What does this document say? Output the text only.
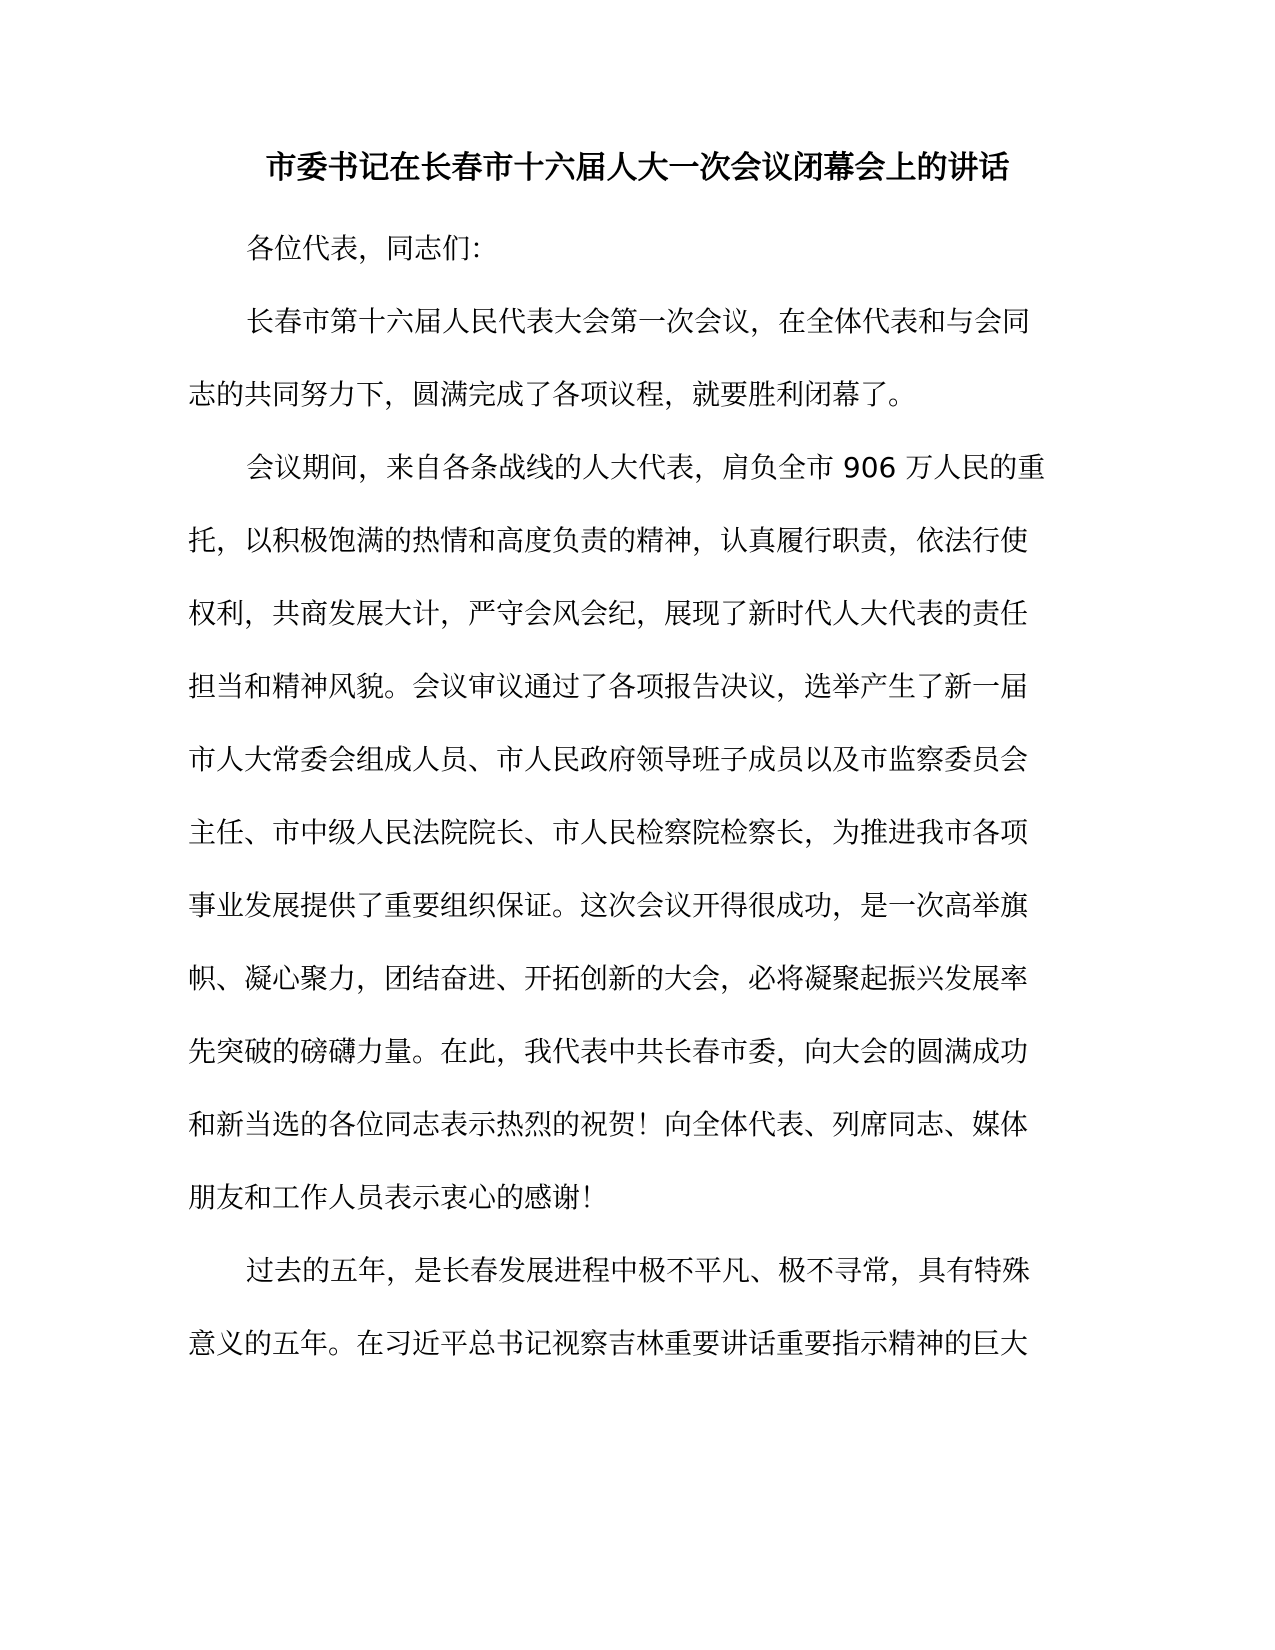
市委书记在长春市十六届人大一次会议闭幕会上的讲话
各位代表，同志们：
长春市第十六届人民代表大会第一次会议，在全体代表和与会同
志的共同努力下，圆满完成了各项议程，就要胜利闭幕了。
会议期间，来自各条战线的人大代表，肩负全市 906 万人民的重
托，以积极饱满的热情和高度负责的精神，认真履行职责，依法行使
权利，共商发展大计，严守会风会纪，展现了新时代人大代表的责任
担当和精神风貌。会议审议通过了各项报告决议，选举产生了新一届
市人大常委会组成人员、市人民政府领导班子成员以及市监察委员会
主任、市中级人民法院院长、市人民检察院检察长，为推进我市各项
事业发展提供了重要组织保证。这次会议开得很成功，是一次高举旗
帜、凝心聚力，团结奋进、开拓创新的大会，必将凝聚起振兴发展率
先突破的磅礴力量。在此，我代表中共长春市委，向大会的圆满成功
和新当选的各位同志表示热烈的祝贺！向全体代表、列席同志、媒体
朋友和工作人员表示衷心的感谢！
过去的五年，是长春发展进程中极不平凡、极不寻常，具有特殊
意义的五年。在习近平总书记视察吉林重要讲话重要指示精神的巨大
